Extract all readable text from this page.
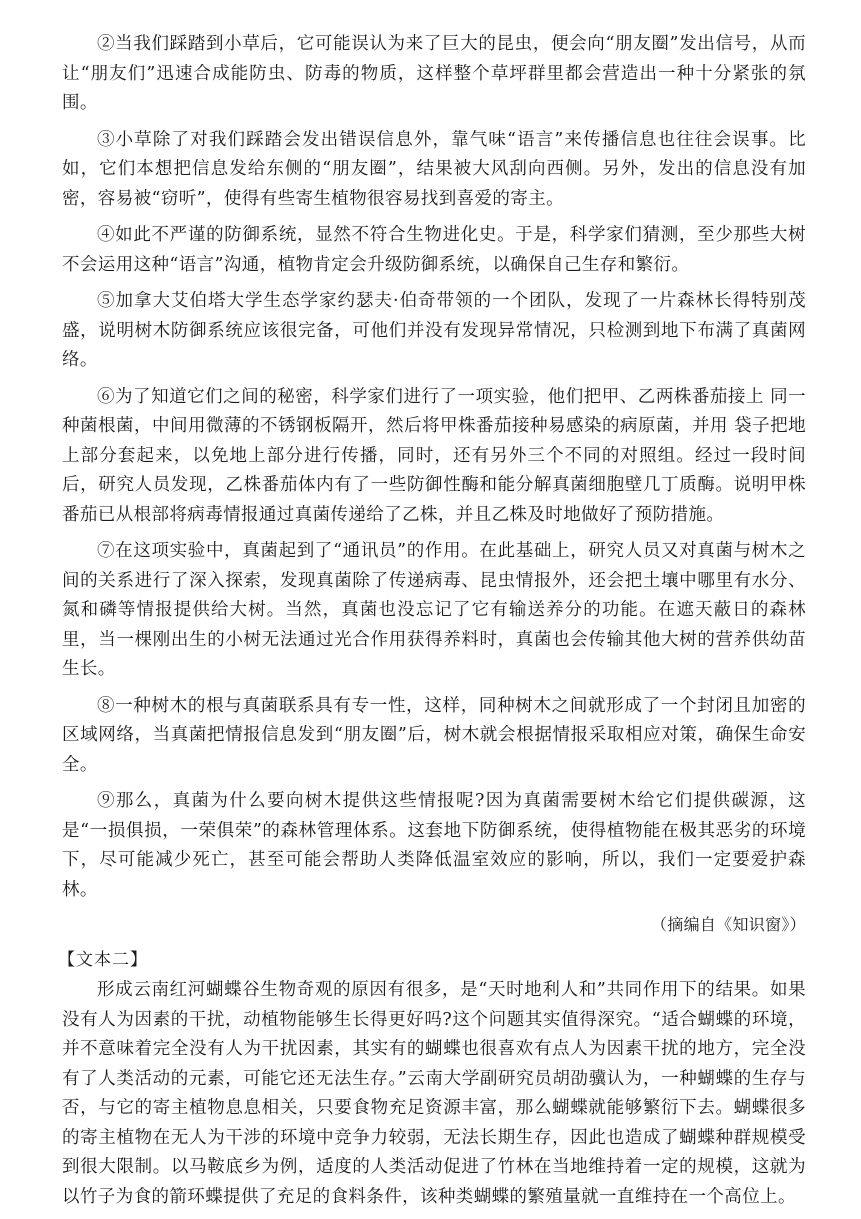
②当我们踩踏到小草后，它可能误认为来了巨大的昆虫，便会向“朋友圈”发出信号，从而让“朋友们”迅速合成能防虫、防毒的物质，这样整个草坪群里都会营造出一种十分紧张的氛围。

③小草除了对我们踩踏会发出错误信息外，靠气味“语言”来传播信息也往往会误事。比如，它们本想把信息发给东侧的“朋友圈”，结果被大风刮向西侧。另外，发出的信息没有加密，容易被“窃听”，使得有些寄生植物很容易找到喜爱的寄主。

④如此不严谨的防御系统，显然不符合生物进化史。于是，科学家们猜测，至少那些大树不会运用这种“语言”沟通，植物肯定会升级防御系统，以确保自己生存和繁衍。

⑤加拿大艾伯塔大学生态学家约瑟夫·伯奇带领的一个团队，发现了一片森林长得特别茂盛，说明树木防御系统应该很完备，可他们并没有发现异常情况，只检测到地下布满了真菌网络。

⑥为了知道它们之间的秘密，科学家们进行了一项实验，他们把甲、乙两株番茄接上 同一种菌根菌，中间用微薄的不锈钢板隔开，然后将甲株番茄接种易感染的病原菌，并用 袋子把地上部分套起来，以免地上部分进行传播，同时，还有另外三个不同的对照组。经过一段时间后，研究人员发现，乙株番茄体内有了一些防御性酶和能分解真菌细胞壁几丁质酶。说明甲株番茄已从根部将病毒情报通过真菌传递给了乙株，并且乙株及时地做好了预防措施。

⑦在这项实验中，真菌起到了“通讯员”的作用。在此基础上，研究人员又对真菌与树木之间的关系进行了深入探索，发现真菌除了传递病毒、昆虫情报外，还会把土壤中哪里有水分、氮和磷等情报提供给大树。当然，真菌也没忘记了它有输送养分的功能。在遮天蔽日的森林里，当一棵刚出生的小树无法通过光合作用获得养料时，真菌也会传输其他大树的营养供幼苗生长。

⑧一种树木的根与真菌联系具有专一性，这样，同种树木之间就形成了一个封闭且加密的区域网络，当真菌把情报信息发到“朋友圈”后，树木就会根据情报采取相应对策，确保生命安全。

⑨那么，真菌为什么要向树木提供这些情报呢?因为真菌需要树木给它们提供碳源，这是“一损俱损，一荣俱荣”的森林管理体系。这套地下防御系统，使得植物能在极其恶劣的环境下，尽可能减少死亡，甚至可能会帮助人类降低温室效应的影响，所以，我们一定要爱护森林。

（摘编自《知识窗》）
【文本二】

形成云南红河蝴蝶谷生物奇观的原因有很多，是“天时地利人和”共同作用下的结果。如果没有人为因素的干扰，动植物能够生长得更好吗?这个问题其实值得深究。“适合蝴蝶的环境，并不意味着完全没有人为干扰因素，其实有的蝴蝶也很喜欢有点人为因素干扰的地方，完全没有了人类活动的元素，可能它还无法生存。”云南大学副研究员胡劭骥认为，一种蝴蝶的生存与否，与它的寄主植物息息相关，只要食物充足资源丰富，那么蝴蝶就能够繁衍下去。蝴蝶很多的寄主植物在无人为干涉的环境中竞争力较弱，无法长期生存，因此也造成了蝴蝶种群规模受到很大限制。以马鞍底乡为例，适度的人类活动促进了竹林在当地维持着一定的规模，这就为以竹子为食的箭环蝶提供了充足的食料条件，该种类蝴蝶的繁殖量就一直维持在一个高位上。
